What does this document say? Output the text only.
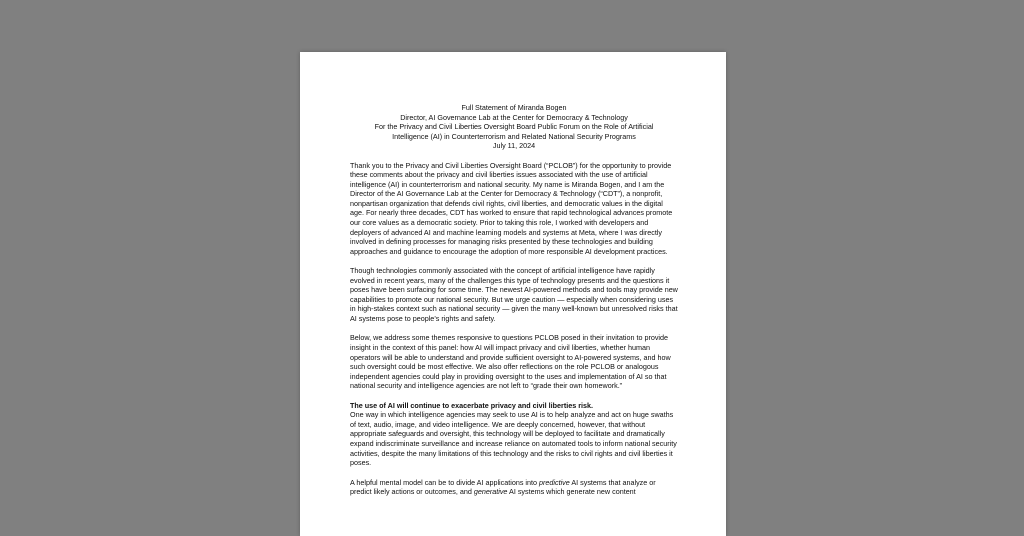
Full Statement of Miranda Bogen
Director, AI Governance Lab at the Center for Democracy & Technology
For the Privacy and Civil Liberties Oversight Board Public Forum on the Role of Artificial
Intelligence (AI) in Counterterrorism and Related National Security Programs
July 11, 2024

Thank you to the Privacy and Civil Liberties Oversight Board (“PCLOB”) for the opportunity to provide these comments about the privacy and civil liberties issues associated with the use of artificial intelligence (AI) in counterterrorism and national security. My name is Miranda Bogen, and I am the Director of the AI Governance Lab at the Center for Democracy & Technology (“CDT”), a nonprofit, nonpartisan organization that defends civil rights, civil liberties, and democratic values in the digital age. For nearly three decades, CDT has worked to ensure that rapid technological advances promote our core values as a democratic society. Prior to taking this role, I worked with developers and deployers of advanced AI and machine learning models and systems at Meta, where I was directly involved in defining processes for managing risks presented by these technologies and building approaches and guidance to encourage the adoption of more responsible AI development practices.

Though technologies commonly associated with the concept of artificial intelligence have rapidly evolved in recent years, many of the challenges this type of technology presents and the questions it poses have been surfacing for some time. The newest AI-powered methods and tools may provide new capabilities to promote our national security. But we urge caution — especially when considering uses in high-stakes context such as national security — given the many well-known but unresolved risks that AI systems pose to people’s rights and safety.

Below, we address some themes responsive to questions PCLOB posed in their invitation to provide insight in the context of this panel: how AI will impact privacy and civil liberties, whether human operators will be able to understand and provide sufficient oversight to AI-powered systems, and how such oversight could be most effective. We also offer reflections on the role PCLOB or analogous independent agencies could play in providing oversight to the uses and implementation of AI so that national security and intelligence agencies are not left to “grade their own homework.”

The use of AI will continue to exacerbate privacy and civil liberties risk.
One way in which intelligence agencies may seek to use AI is to help analyze and act on huge swaths of text, audio, image, and video intelligence. We are deeply concerned, however, that without appropriate safeguards and oversight, this technology will be deployed to facilitate and dramatically expand indiscriminate surveillance and increase reliance on automated tools to inform national security activities, despite the many limitations of this technology and the risks to civil rights and civil liberties it poses.

A helpful mental model can be to divide AI applications into predictive AI systems that analyze or predict likely actions or outcomes, and generative AI systems which generate new content
